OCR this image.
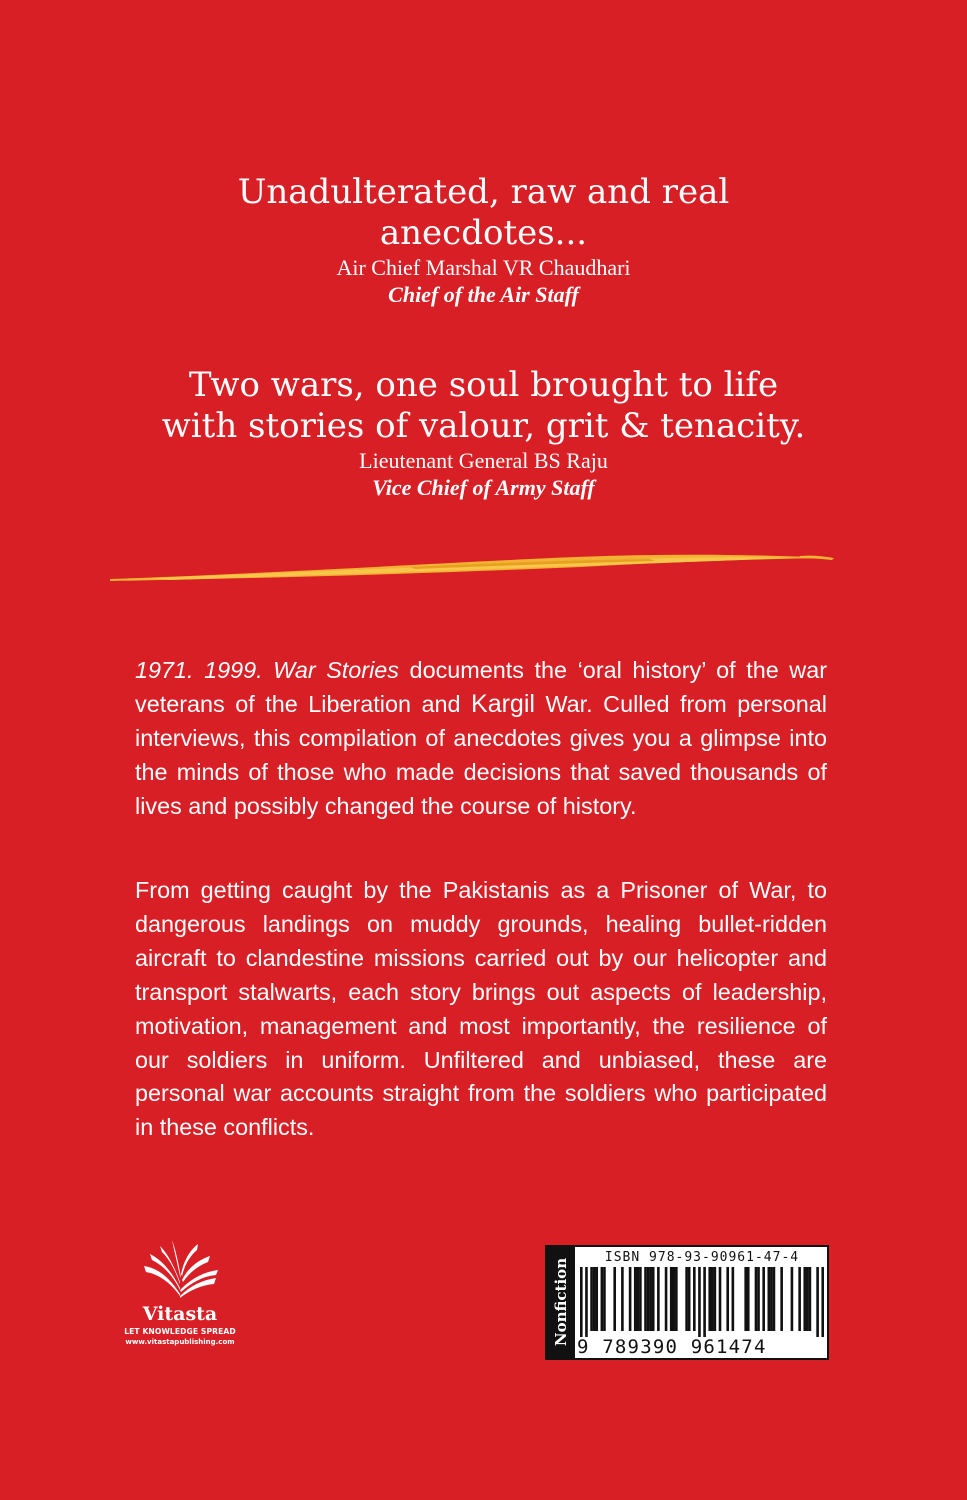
Unadulterated, raw and real

anecdotes...

Air Chief Marshal VR Chaudhari

Chief of the Air Staff

Two wars, one soul brought to life

with stories of valour, grit & tenacity.

Lieutenant General BS Raju

Vice Chief of Army Staff

1971. 1999. War Stories documents the ‘oral history’ of the war veterans of the Liberation and Kargil War. Culled from personal interviews, this compilation of anecdotes gives you a glimpse into the minds of those who made decisions that saved thousands of lives and possibly changed the course of history.

From getting caught by the Pakistanis as a Prisoner of War, to dangerous landings on muddy grounds, healing bullet-ridden aircraft to clandestine missions carried out by our helicopter and transport stalwarts, each story brings out aspects of leadership, motivation, management and most importantly, the resilience of our soldiers in uniform. Unfiltered and unbiased, these are personal war accounts straight from the soldiers who participated in these conflicts.

Vitasta
LET KNOWLEDGE SPREAD
www.vitastapublishing.com	Nonfiction
ISBN 978-93-90961-47-4
9 789390 961474
